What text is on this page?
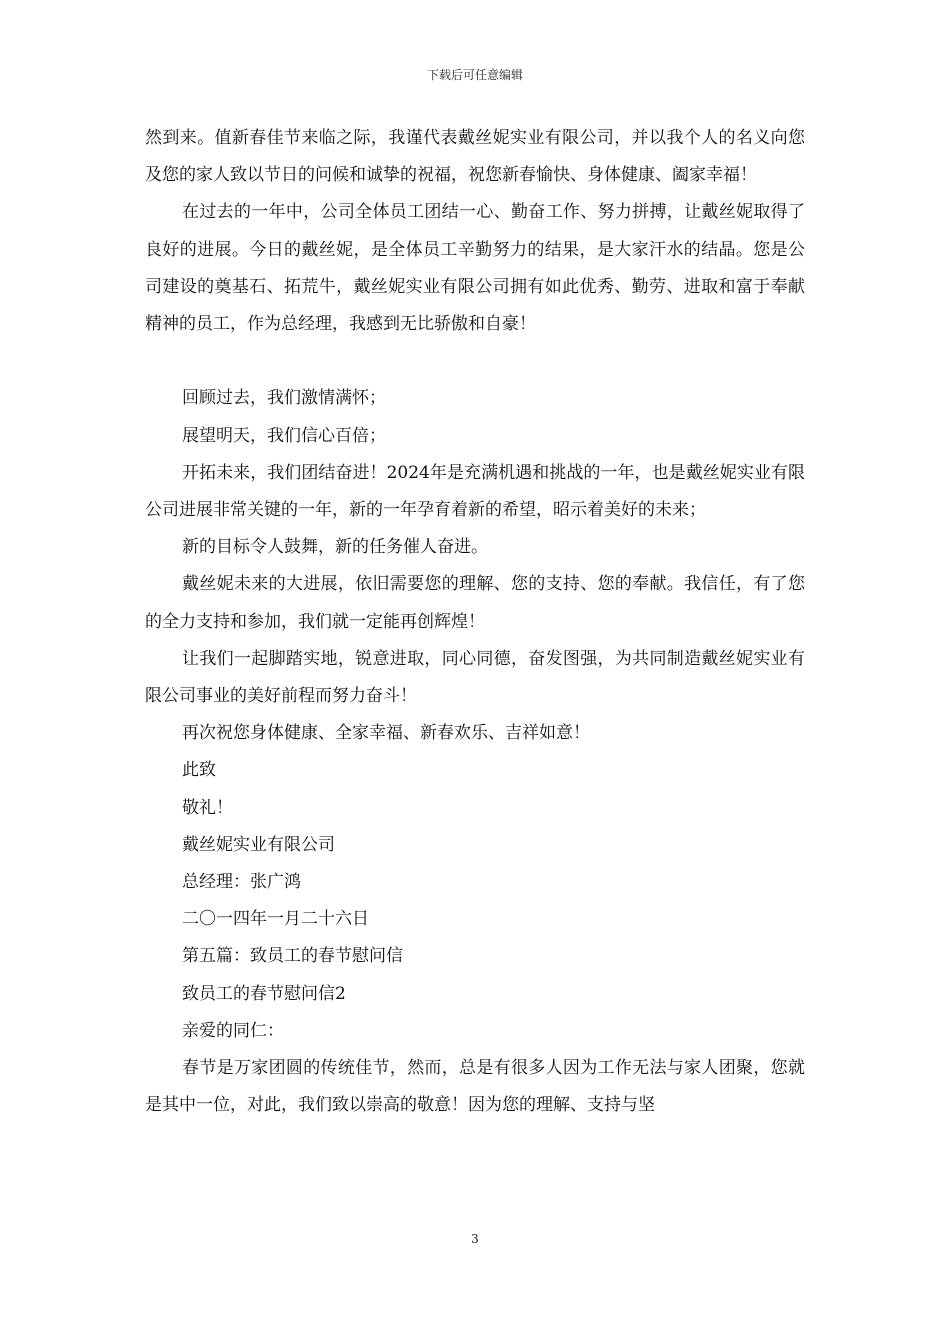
下载后可任意编辑

然到来。值新春佳节来临之际，我谨代表戴丝妮实业有限公司，并以我个人的名义向您及您的家人致以节日的问候和诚挚的祝福，祝您新春愉快、身体健康、阖家幸福！

在过去的一年中，公司全体员工团结一心、勤奋工作、努力拼搏，让戴丝妮取得了良好的进展。今日的戴丝妮，是全体员工辛勤努力的结果，是大家汗水的结晶。您是公司建设的奠基石、拓荒牛，戴丝妮实业有限公司拥有如此优秀、勤劳、进取和富于奉献精神的员工，作为总经理，我感到无比骄傲和自豪！

回顾过去，我们激情满怀；

展望明天，我们信心百倍；

开拓未来，我们团结奋进！2024年是充满机遇和挑战的一年，也是戴丝妮实业有限公司进展非常关键的一年，新的一年孕育着新的希望，昭示着美好的未来；

新的目标令人鼓舞，新的任务催人奋进。

戴丝妮未来的大进展，依旧需要您的理解、您的支持、您的奉献。我信任，有了您的全力支持和参加，我们就一定能再创辉煌！

让我们一起脚踏实地，锐意进取，同心同德，奋发图强，为共同制造戴丝妮实业有限公司事业的美好前程而努力奋斗！

再次祝您身体健康、全家幸福、新春欢乐、吉祥如意！

此致

敬礼！

戴丝妮实业有限公司

总经理：张广鸿

二〇一四年一月二十六日

第五篇：致员工的春节慰问信

致员工的春节慰问信2

亲爱的同仁：

春节是万家团圆的传统佳节，然而，总是有很多人因为工作无法与家人团聚，您就是其中一位，对此，我们致以崇高的敬意！因为您的理解、支持与坚

3
